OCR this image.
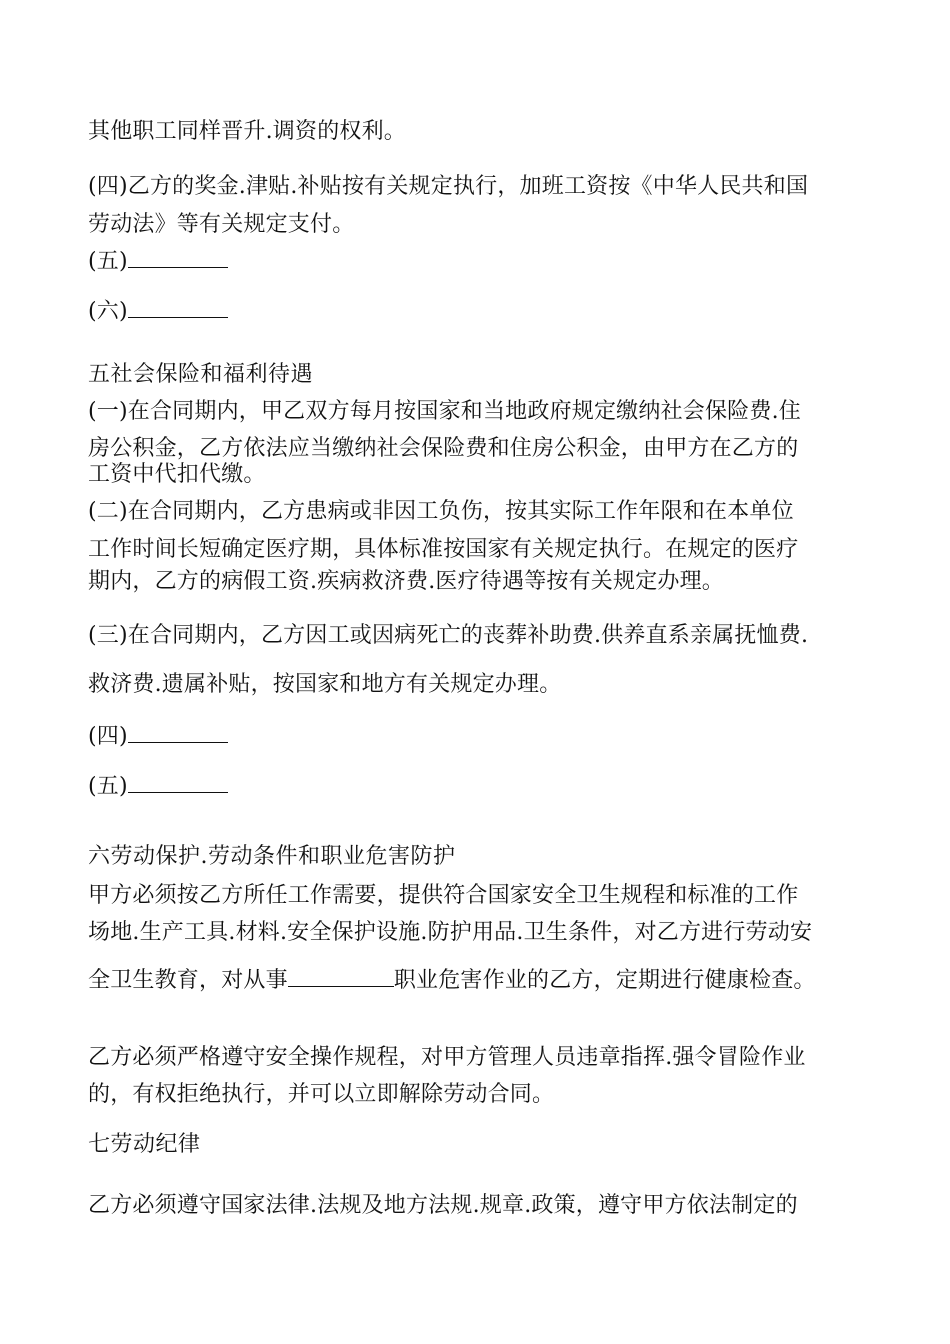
其他职工同样晋升.调资的权利。
(四)乙方的奖金.津贴.补贴按有关规定执行，加班工资按《中华人民共和国
劳动法》等有关规定支付。
(五)
(六)
五社会保险和福利待遇
(一)在合同期内，甲乙双方每月按国家和当地政府规定缴纳社会保险费.住
房公积金，乙方依法应当缴纳社会保险费和住房公积金，由甲方在乙方的
工资中代扣代缴。
(二)在合同期内，乙方患病或非因工负伤，按其实际工作年限和在本单位
工作时间长短确定医疗期，具体标准按国家有关规定执行。在规定的医疗
期内，乙方的病假工资.疾病救济费.医疗待遇等按有关规定办理。
(三)在合同期内，乙方因工或因病死亡的丧葬补助费.供养直系亲属抚恤费.
救济费.遗属补贴，按国家和地方有关规定办理。
(四)
(五)
六劳动保护.劳动条件和职业危害防护
甲方必须按乙方所任工作需要，提供符合国家安全卫生规程和标准的工作
场地.生产工具.材料.安全保护设施.防护用品.卫生条件，对乙方进行劳动安
全卫生教育，对从事	职业危害作业的乙方，定期进行健康检查。
乙方必须严格遵守安全操作规程，对甲方管理人员违章指挥.强令冒险作业
的，有权拒绝执行，并可以立即解除劳动合同。
七劳动纪律
乙方必须遵守国家法律.法规及地方法规.规章.政策，遵守甲方依法制定的
